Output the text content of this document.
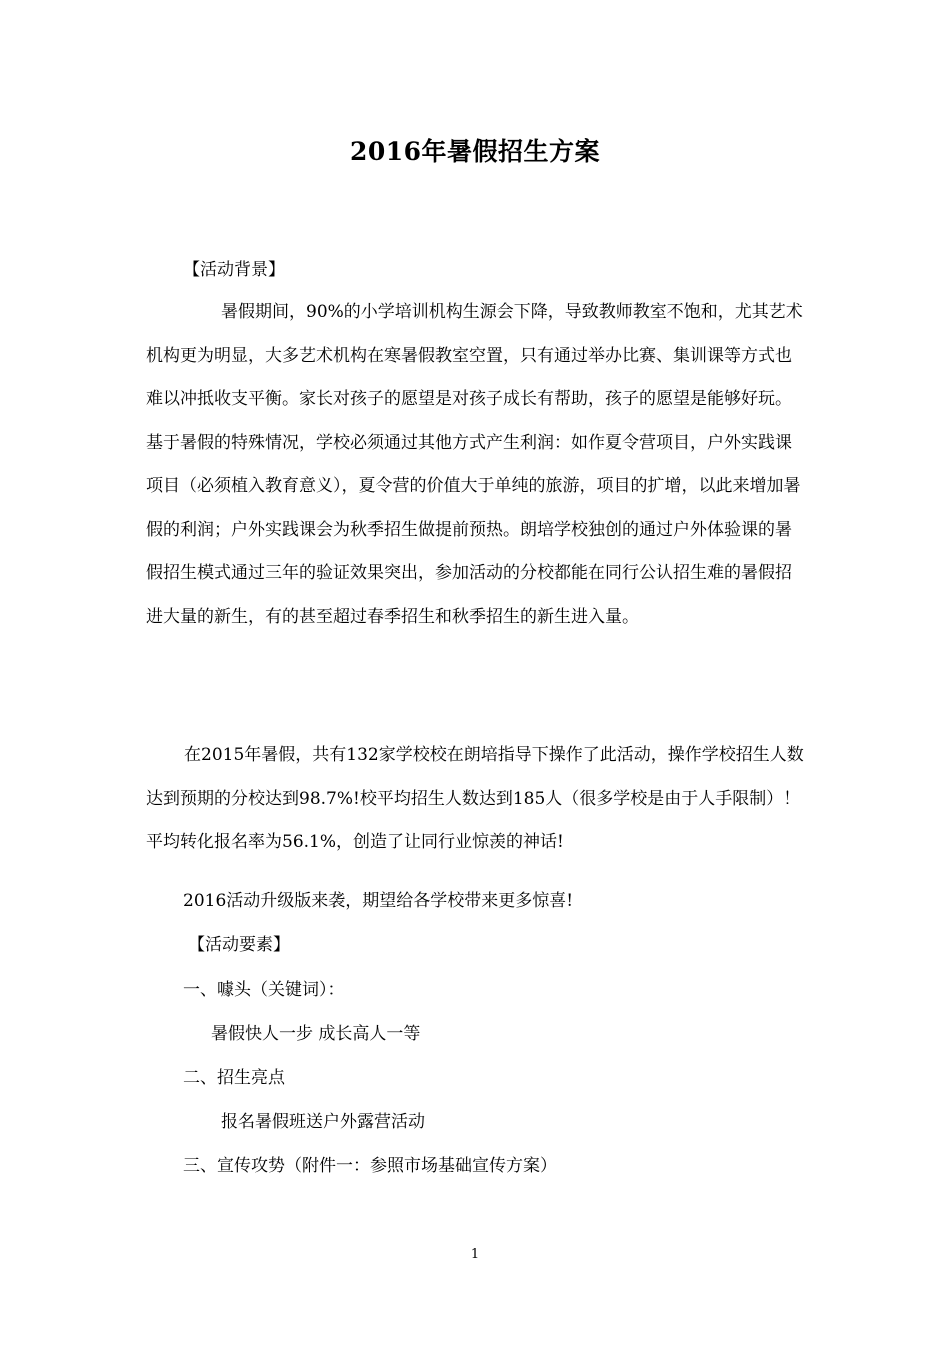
2016年暑假招生方案
【活动背景】
暑假期间，90%的小学培训机构生源会下降，导致教师教室不饱和，尤其艺术机构更为明显，大多艺术机构在寒暑假教室空置，只有通过举办比赛、集训课等方式也难以冲抵收支平衡。家长对孩子的愿望是对孩子成长有帮助，孩子的愿望是能够好玩。基于暑假的特殊情况，学校必须通过其他方式产生利润：如作夏令营项目，户外实践课项目（必须植入教育意义），夏令营的价值大于单纯的旅游，项目的扩增，以此来增加暑假的利润；户外实践课会为秋季招生做提前预热。朗培学校独创的通过户外体验课的暑假招生模式通过三年的验证效果突出，参加活动的分校都能在同行公认招生难的暑假招进大量的新生，有的甚至超过春季招生和秋季招生的新生进入量。
在2015年暑假，共有132家学校校在朗培指导下操作了此活动，操作学校招生人数达到预期的分校达到98.7%!校平均招生人数达到185人（很多学校是由于人手限制）！平均转化报名率为56.1%，创造了让同行业惊羡的神话!
2016活动升级版来袭，期望给各学校带来更多惊喜!
【活动要素】
一、噱头（关键词）：
暑假快人一步 成长高人一等
二、招生亮点
报名暑假班送户外露营活动
三、宣传攻势（附件一：参照市场基础宣传方案）
1
